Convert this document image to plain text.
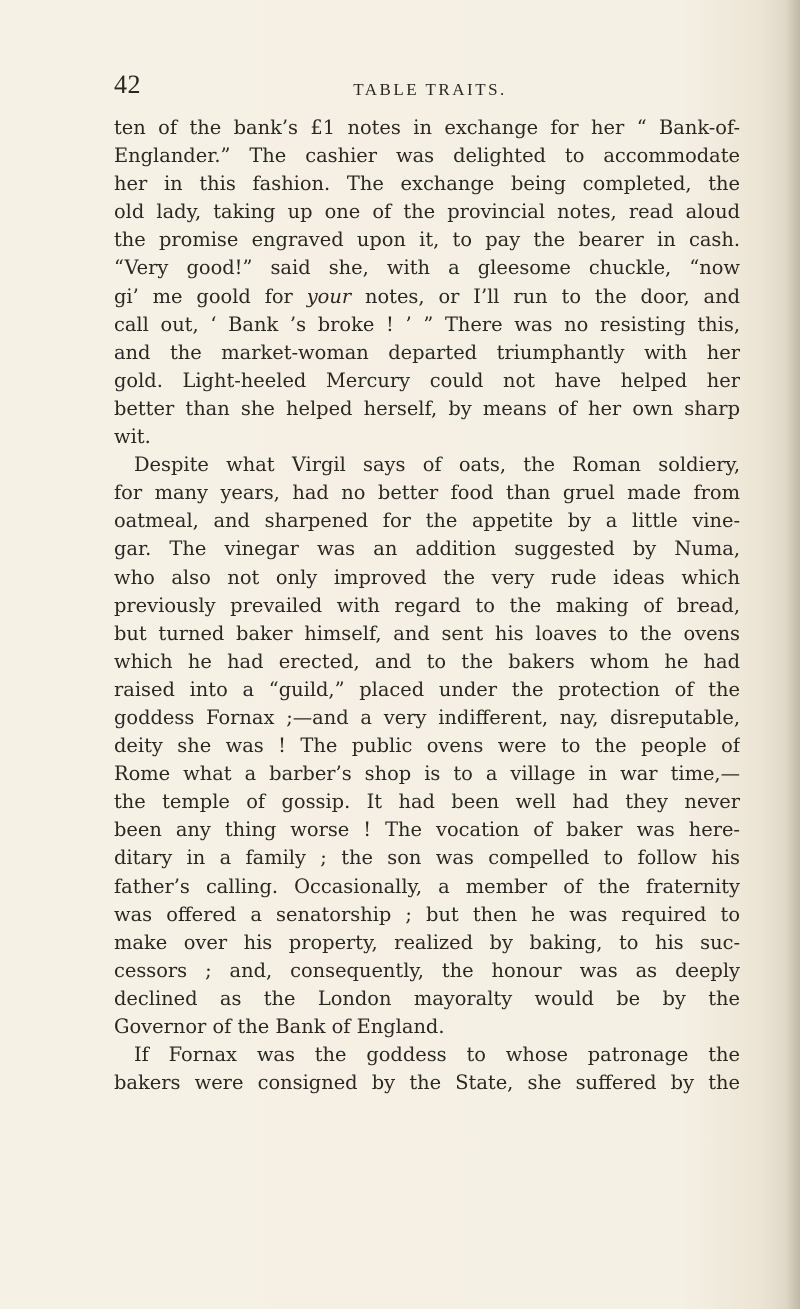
42	TABLE TRAITS.
ten of the bank’s £1 notes in exchange for her “ Bank-of-
Englander.” The cashier was delighted to accommodate
her in this fashion. The exchange being completed, the
old lady, taking up one of the provincial notes, read aloud
the promise engraved upon it, to pay the bearer in cash.
“Very good!” said she, with a gleesome chuckle, “now
gi’ me goold for your notes, or I’ll run to the door, and
call out, ‘ Bank ’s broke ! ’ ” There was no resisting this,
and the market-woman departed triumphantly with her
gold. Light-heeled Mercury could not have helped her
better than she helped herself, by means of her own sharp
wit.
Despite what Virgil says of oats, the Roman soldiery,
for many years, had no better food than gruel made from
oatmeal, and sharpened for the appetite by a little vine-
gar. The vinegar was an addition suggested by Numa,
who also not only improved the very rude ideas which
previously prevailed with regard to the making of bread,
but turned baker himself, and sent his loaves to the ovens
which he had erected, and to the bakers whom he had
raised into a “guild,” placed under the protection of the
goddess Fornax ;—and a very indifferent, nay, disreputable,
deity she was ! The public ovens were to the people of
Rome what a barber’s shop is to a village in war time,—
the temple of gossip. It had been well had they never
been any thing worse ! The vocation of baker was here-
ditary in a family ; the son was compelled to follow his
father’s calling. Occasionally, a member of the fraternity
was offered a senatorship ; but then he was required to
make over his property, realized by baking, to his suc-
cessors ; and, consequently, the honour was as deeply
declined as the London mayoralty would be by the
Governor of the Bank of England.
If Fornax was the goddess to whose patronage the
bakers were consigned by the State, she suffered by the
